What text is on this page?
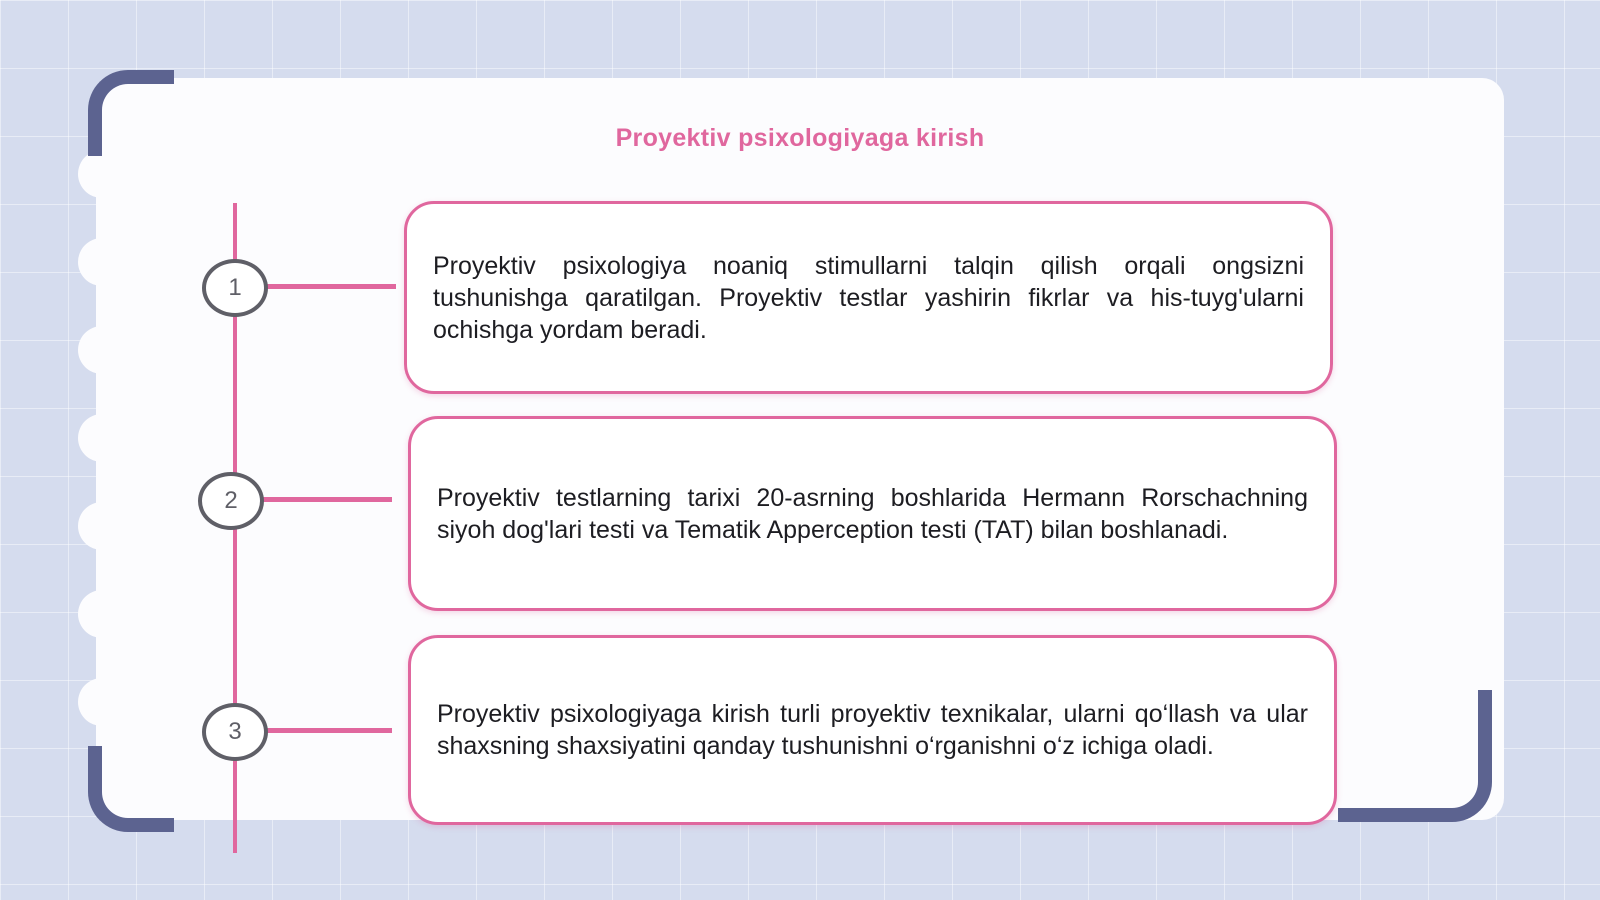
Proyektiv psixologiyaga kirish
1

Proyektiv psixologiya noaniq stimullarni talqin qilish orqali ongsizni tushunishga qaratilgan. Proyektiv testlar yashirin fikrlar va his-tuyg'ularni ochishga yordam beradi.

2	Proyektiv testlarning tarixi 20-asrning boshlarida Hermann Rorschachning siyoh dog'lari testi va Tematik Apperception testi (TAT) bilan boshlanadi.

3

Proyektiv psixologiyaga kirish turli proyektiv texnikalar, ularni qo‘llash va ular shaxsning shaxsiyatini qanday tushunishni o‘rganishni o‘z ichiga oladi.
